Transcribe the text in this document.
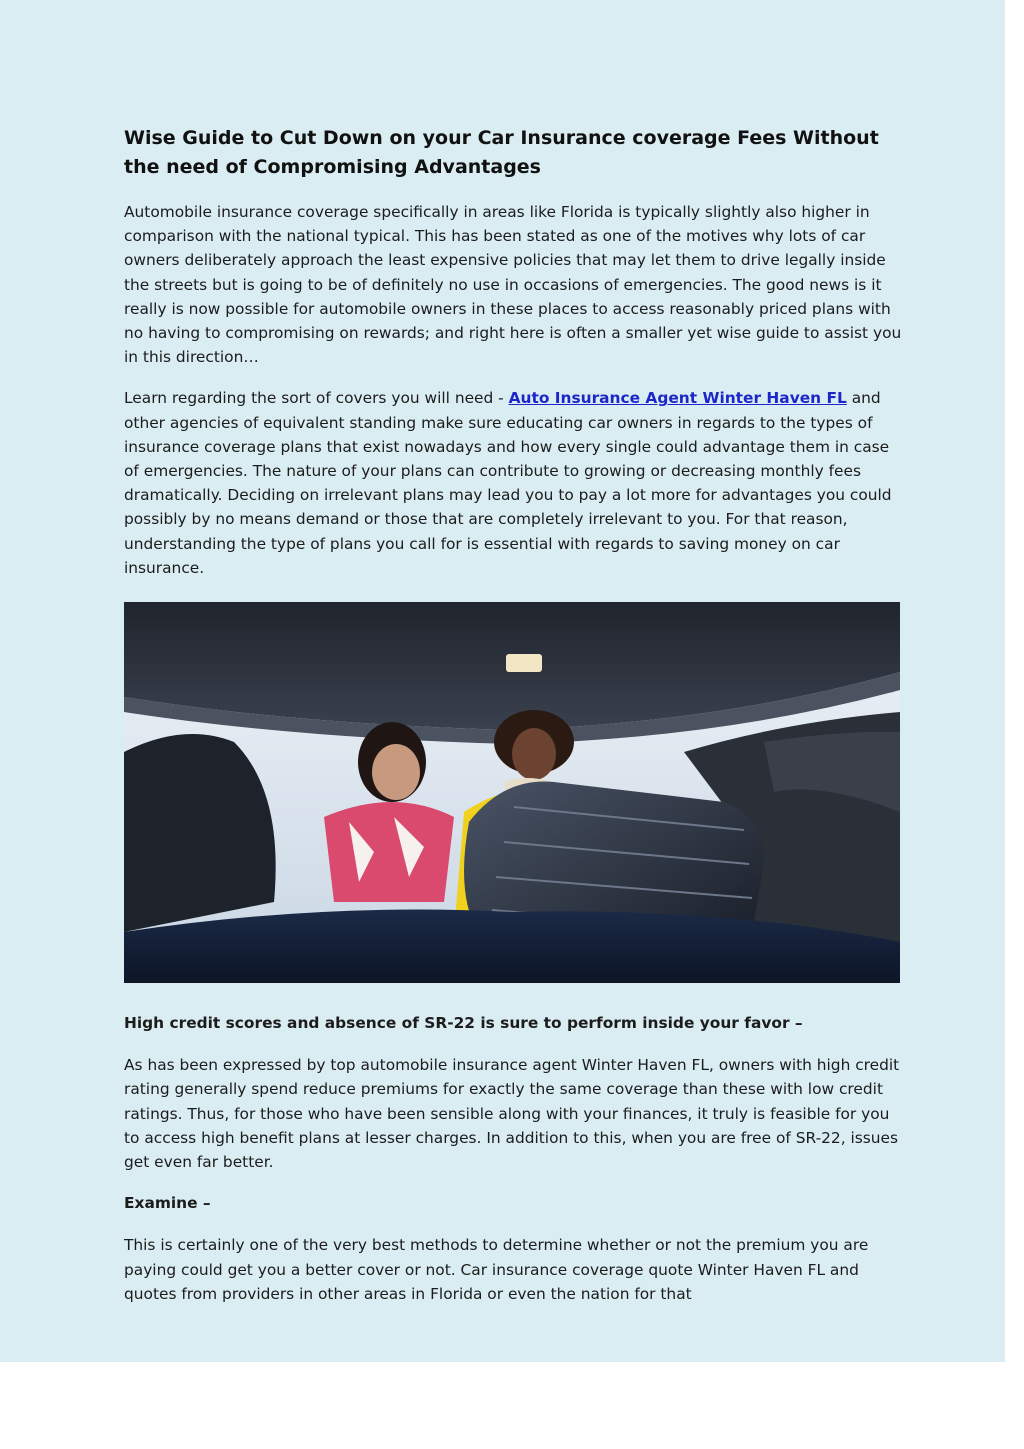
Wise Guide to Cut Down on your Car Insurance coverage Fees Without the need of Compromising Advantages

Automobile insurance coverage specifically in areas like Florida is typically slightly also higher in comparison with the national typical. This has been stated as one of the motives why lots of car owners deliberately approach the least expensive policies that may let them to drive legally inside the streets but is going to be of definitely no use in occasions of emergencies. The good news is it really is now possible for automobile owners in these places to access reasonably priced plans with no having to compromising on rewards; and right here is often a smaller yet wise guide to assist you in this direction…

Learn regarding the sort of covers you will need - Auto Insurance Agent Winter Haven FL and other agencies of equivalent standing make sure educating car owners in regards to the types of insurance coverage plans that exist nowadays and how every single could advantage them in case of emergencies. The nature of your plans can contribute to growing or decreasing monthly fees dramatically. Deciding on irrelevant plans may lead you to pay a lot more for advantages you could possibly by no means demand or those that are completely irrelevant to you. For that reason, understanding the type of plans you call for is essential with regards to saving money on car insurance.

High credit scores and absence of SR-22 is sure to perform inside your favor –

As has been expressed by top automobile insurance agent Winter Haven FL, owners with high credit rating generally spend reduce premiums for exactly the same coverage than these with low credit ratings. Thus, for those who have been sensible along with your finances, it truly is feasible for you to access high benefit plans at lesser charges. In addition to this, when you are free of SR-22, issues get even far better.

Examine –

This is certainly one of the very best methods to determine whether or not the premium you are paying could get you a better cover or not. Car insurance coverage quote Winter Haven FL and quotes from providers in other areas in Florida or even the nation for that
